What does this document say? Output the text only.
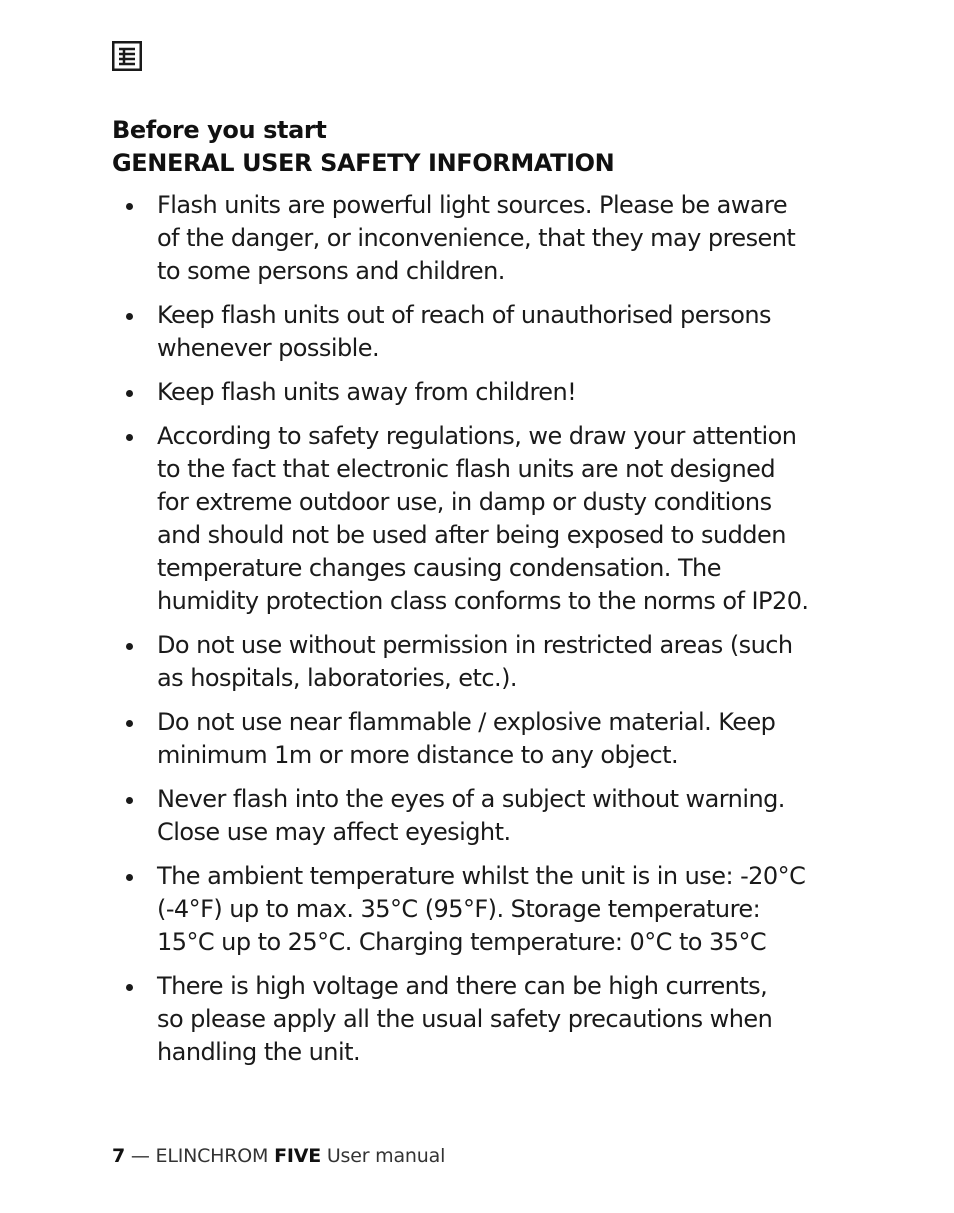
Before you start
GENERAL USER SAFETY INFORMATION
Flash units are powerful light sources. Please be aware
of the danger, or inconvenience, that they may present
to some persons and children.
Keep flash units out of reach of unauthorised persons
whenever possible.
Keep flash units away from children!
According to safety regulations, we draw your attention
to the fact that electronic flash units are not designed
for extreme outdoor use, in damp or dusty conditions
and should not be used after being exposed to sudden
temperature changes causing condensation. The
humidity protection class conforms to the norms of IP20.
Do not use without permission in restricted areas (such
as hospitals, laboratories, etc.).
Do not use near flammable / explosive material. Keep
minimum 1m or more distance to any object.
Never flash into the eyes of a subject without warning.
Close use may affect eyesight.
The ambient temperature whilst the unit is in use: -20°C
(-4°F) up to max. 35°C (95°F). Storage temperature:
15°C up to 25°C. Charging temperature: 0°C to 35°C
There is high voltage and there can be high currents,
so please apply all the usual safety precautions when
handling the unit.
7 — ELINCHROM FIVE User manual
